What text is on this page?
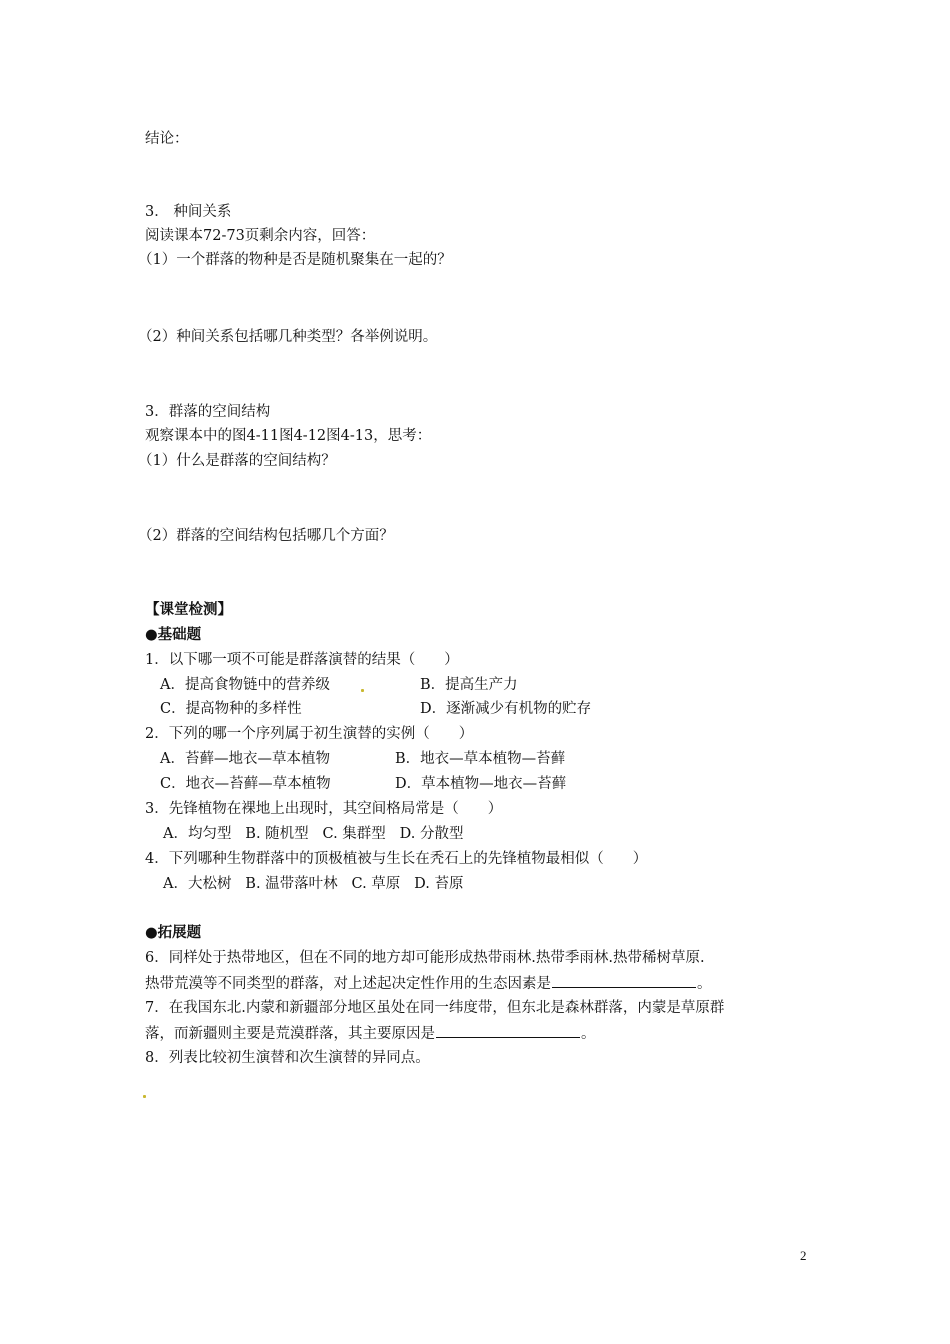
结论：
3． 种间关系
阅读课本72-73页剩余内容，回答：
（1）一个群落的物种是否是随机聚集在一起的？
（2）种间关系包括哪几种类型？各举例说明。
3．群落的空间结构
观察课本中的图4-11图4-12图4-13，思考：
（1）什么是群落的空间结构？
（2）群落的空间结构包括哪几个方面？
【课堂检测】
●基础题
1．以下哪一项不可能是群落演替的结果（　　）
A．提高食物链中的营养级	B．提高生产力
C．提高物种的多样性	D．逐渐减少有机物的贮存
2．下列的哪一个序列属于初生演替的实例（　　）
A．苔藓—地衣—草本植物	B．地衣—草本植物—苔藓
C．地衣—苔藓—草本植物	D．草本植物—地衣—苔藓
3．先锋植物在裸地上出现时，其空间格局常是（　　）
A．均匀型   B. 随机型   C. 集群型   D. 分散型
4．下列哪种生物群落中的顶极植被与生长在秃石上的先锋植物最相似（　　）
A．大松树   B. 温带落叶林   C. 草原   D. 苔原
●拓展题
6．同样处于热带地区，但在不同的地方却可能形成热带雨林.热带季雨林.热带稀树草原.
热带荒漠等不同类型的群落，对上述起决定性作用的生态因素是	。
7．在我国东北.内蒙和新疆部分地区虽处在同一纬度带，但东北是森林群落，内蒙是草原群
落，而新疆则主要是荒漠群落，其主要原因是	。
8．列表比较初生演替和次生演替的异同点。
2
